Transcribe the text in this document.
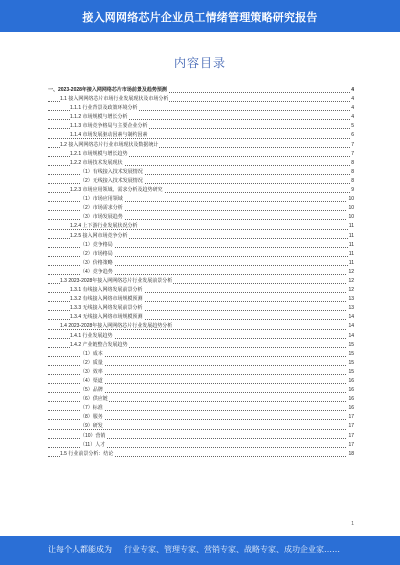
接入网网络芯片企业员工情绪管理策略研究报告
内容目录
一、2023-2028年接入网网络芯片市场前景及趋势预测	4
1.1 接入网网络芯片市场行业发展现状及市场分析	4
1.1.1 行业背景及政策环境分析	4
1.1.2 市场规模与增长分析	4
1.1.3 市场竞争格局与主要企业分析	5
1.1.4 市场发展驱动因素与制约因素	6
1.2 接入网网络芯片行业市场现状及数据统计	7
1.2.1 市场规模与增长趋势	7
1.2.2 市场技术发展现状	8
（1）有线接入技术发展情况	8
（2）无线接入技术发展情况	8
1.2.3 市场应用领域、需求分析及趋势研究	9
（1）市场应用领域	10
（2）市场需求分析	10
（3）市场发展趋势	10
1.2.4 上下游行业发展状况分析	11
1.2.5 接入网市场竞争分析	11
（1）竞争格局	11
（2）市场格局	11
（3）价格策略	11
（4）竞争趋势	12
1.3 2023-2028年接入网网络芯片行业发展前景分析	12
1.3.1 有线接入网络发展前景分析	12
1.3.2 有线接入网络市场规模预测	13
1.3.3 无线接入网络发展前景分析	13
1.3.4 无线接入网络市场规模预测	14
1.4 2023-2028年接入网网络芯片行业发展趋势分析	14
1.4.1 行业发展趋势	14
1.4.2 产业链整合发展趋势	15
（1）成本	15
（2）质量	15
（3）效率	15
（4）渠道	16
（5）品牌	16
（6）供应链	16
（7）标准	16
（8）服务	17
（9）研发	17
（10）营销	17
（11）人才	17
1.5 行业前景分析：结论	18
1
让每个人都能成为 行业专家、管理专家、营销专家、战略专家、成功企业家……
